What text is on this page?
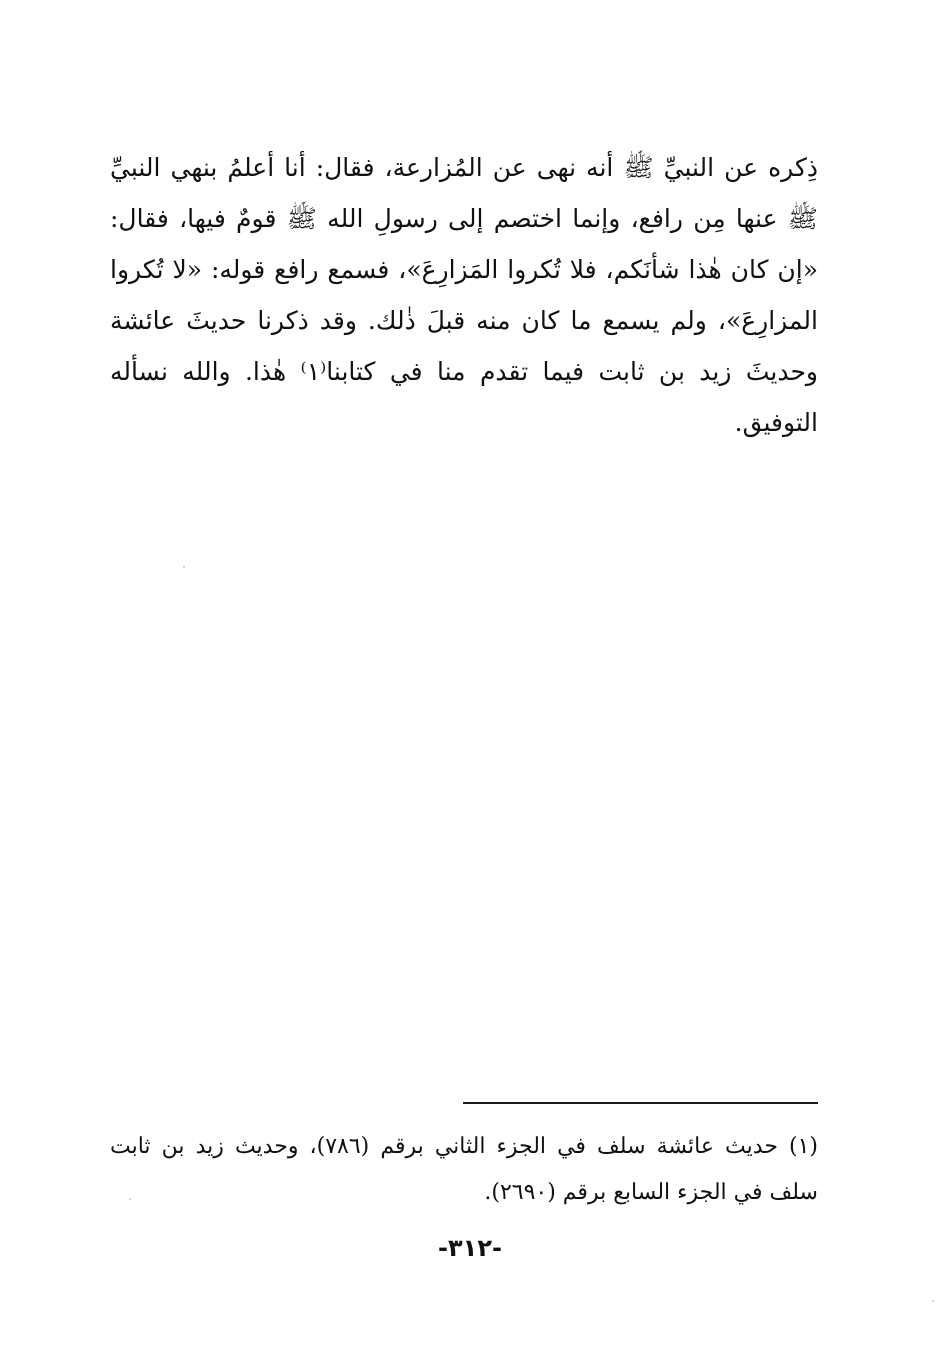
ذِكره عن النبيِّ ﷺ أنه نهى عن المُزارعة، فقال: أنا أعلمُ بنهي النبيِّ
ﷺ عنها مِن رافع، وإنما اختصم إلى رسولِ الله ﷺ قومٌ فيها، فقال:
«إن كان هٰذا شأنَكم، فلا تُكروا المَزارِعَ»، فسمع رافع قوله: «لا تُكروا
المزارِعَ»، ولم يسمع ما كان منه قبلَ ذٰلك. وقد ذكرنا حديثَ عائشة
وحديثَ زيد بن ثابت فيما تقدم منا في كتابنا⁽١⁾ هٰذا. والله نسأله
التوفيق.
(١) حديث عائشة سلف في الجزء الثاني برقم (٧٨٦)، وحديث زيد بن ثابت
سلف في الجزء السابع برقم (٢٦٩٠).
-٣١٢-
